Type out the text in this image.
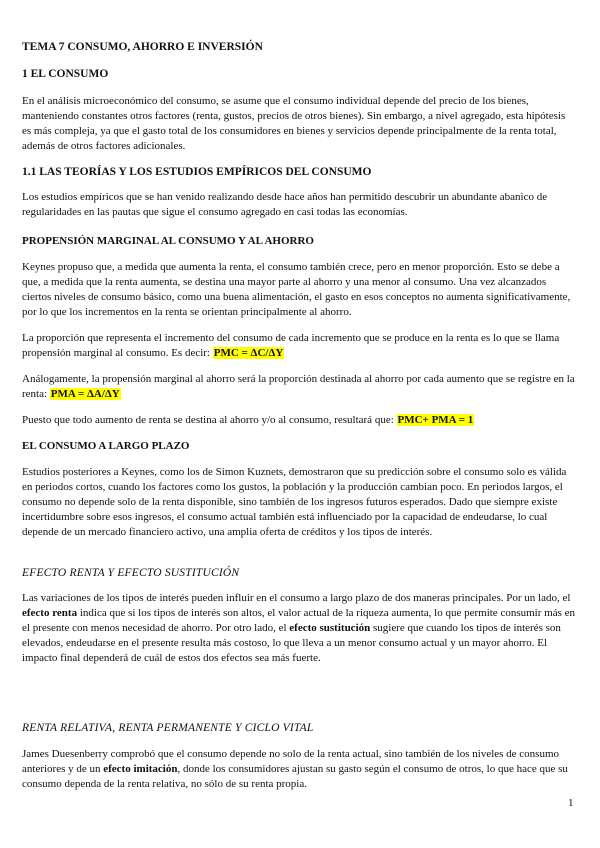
TEMA 7 CONSUMO, AHORRO E INVERSIÓN
1 EL CONSUMO

En el análisis microeconómico del consumo, se asume que el consumo individual depende del precio de los bienes, manteniendo constantes otros factores (renta, gustos, precios de otros bienes). Sin embargo, a nivel agregado, esta hipótesis es más compleja, ya que el gasto total de los consumidores en bienes y servicios depende principalmente de la renta total, además de otros factores adicionales.

1.1 LAS TEORÍAS Y LOS ESTUDIOS EMPÍRICOS DEL CONSUMO

Los estudios empíricos que se han venido realizando desde hace años han permitido descubrir un abundante abanico de regularidades en las pautas que sigue el consumo agregado en casi todas las economías.

PROPENSIÓN MARGINAL AL CONSUMO Y AL AHORRO

Keynes propuso que, a medida que aumenta la renta, el consumo también crece, pero en menor proporción. Esto se debe a que, a medida que la renta aumenta, se destina una mayor parte al ahorro y una menor al consumo. Una vez alcanzados ciertos niveles de consumo básico, como una buena alimentación, el gasto en esos conceptos no aumenta significativamente, por lo que los incrementos en la renta se orientan principalmente al ahorro.

La proporción que representa el incremento del consumo de cada incremento que se produce en la renta es lo que se llama propensión marginal al consumo. Es decir: PMC = ΔC/ΔY

Análogamente, la propensión marginal al ahorro será la proporción destinada al ahorro por cada aumento que se registre en la renta: PMA = ΔA/ΔY

Puesto que todo aumento de renta se destina al ahorro y/o al consumo, resultará que: PMC+ PMA = 1

EL CONSUMO A LARGO PLAZO

Estudios posteriores a Keynes, como los de Simon Kuznets, demostraron que su predicción sobre el consumo solo es válida en periodos cortos, cuando los factores como los gustos, la población y la producción cambian poco. En periodos largos, el consumo no depende solo de la renta disponible, sino también de los ingresos futuros esperados. Dado que siempre existe incertidumbre sobre esos ingresos, el consumo actual también está influenciado por la capacidad de endeudarse, lo cual depende de un mercado financiero activo, una amplia oferta de créditos y los tipos de interés.

EFECTO RENTA Y EFECTO SUSTITUCIÓN

Las variaciones de los tipos de interés pueden influir en el consumo a largo plazo de dos maneras principales. Por un lado, el efecto renta indica que si los tipos de interés son altos, el valor actual de la riqueza aumenta, lo que permite consumir más en el presente con menos necesidad de ahorro. Por otro lado, el efecto sustitución sugiere que cuando los tipos de interés son elevados, endeudarse en el presente resulta más costoso, lo que lleva a un menor consumo actual y un mayor ahorro. El impacto final dependerá de cuál de estos dos efectos sea más fuerte.

RENTA RELATIVA, RENTA PERMANENTE Y CICLO VITAL

James Duesenberry comprobó que el consumo depende no solo de la renta actual, sino también de los niveles de consumo anteriores y de un efecto imitación, donde los consumidores ajustan su gasto según el consumo de otros, lo que hace que su consumo dependa de la renta relativa, no sólo de su renta propia.

1
